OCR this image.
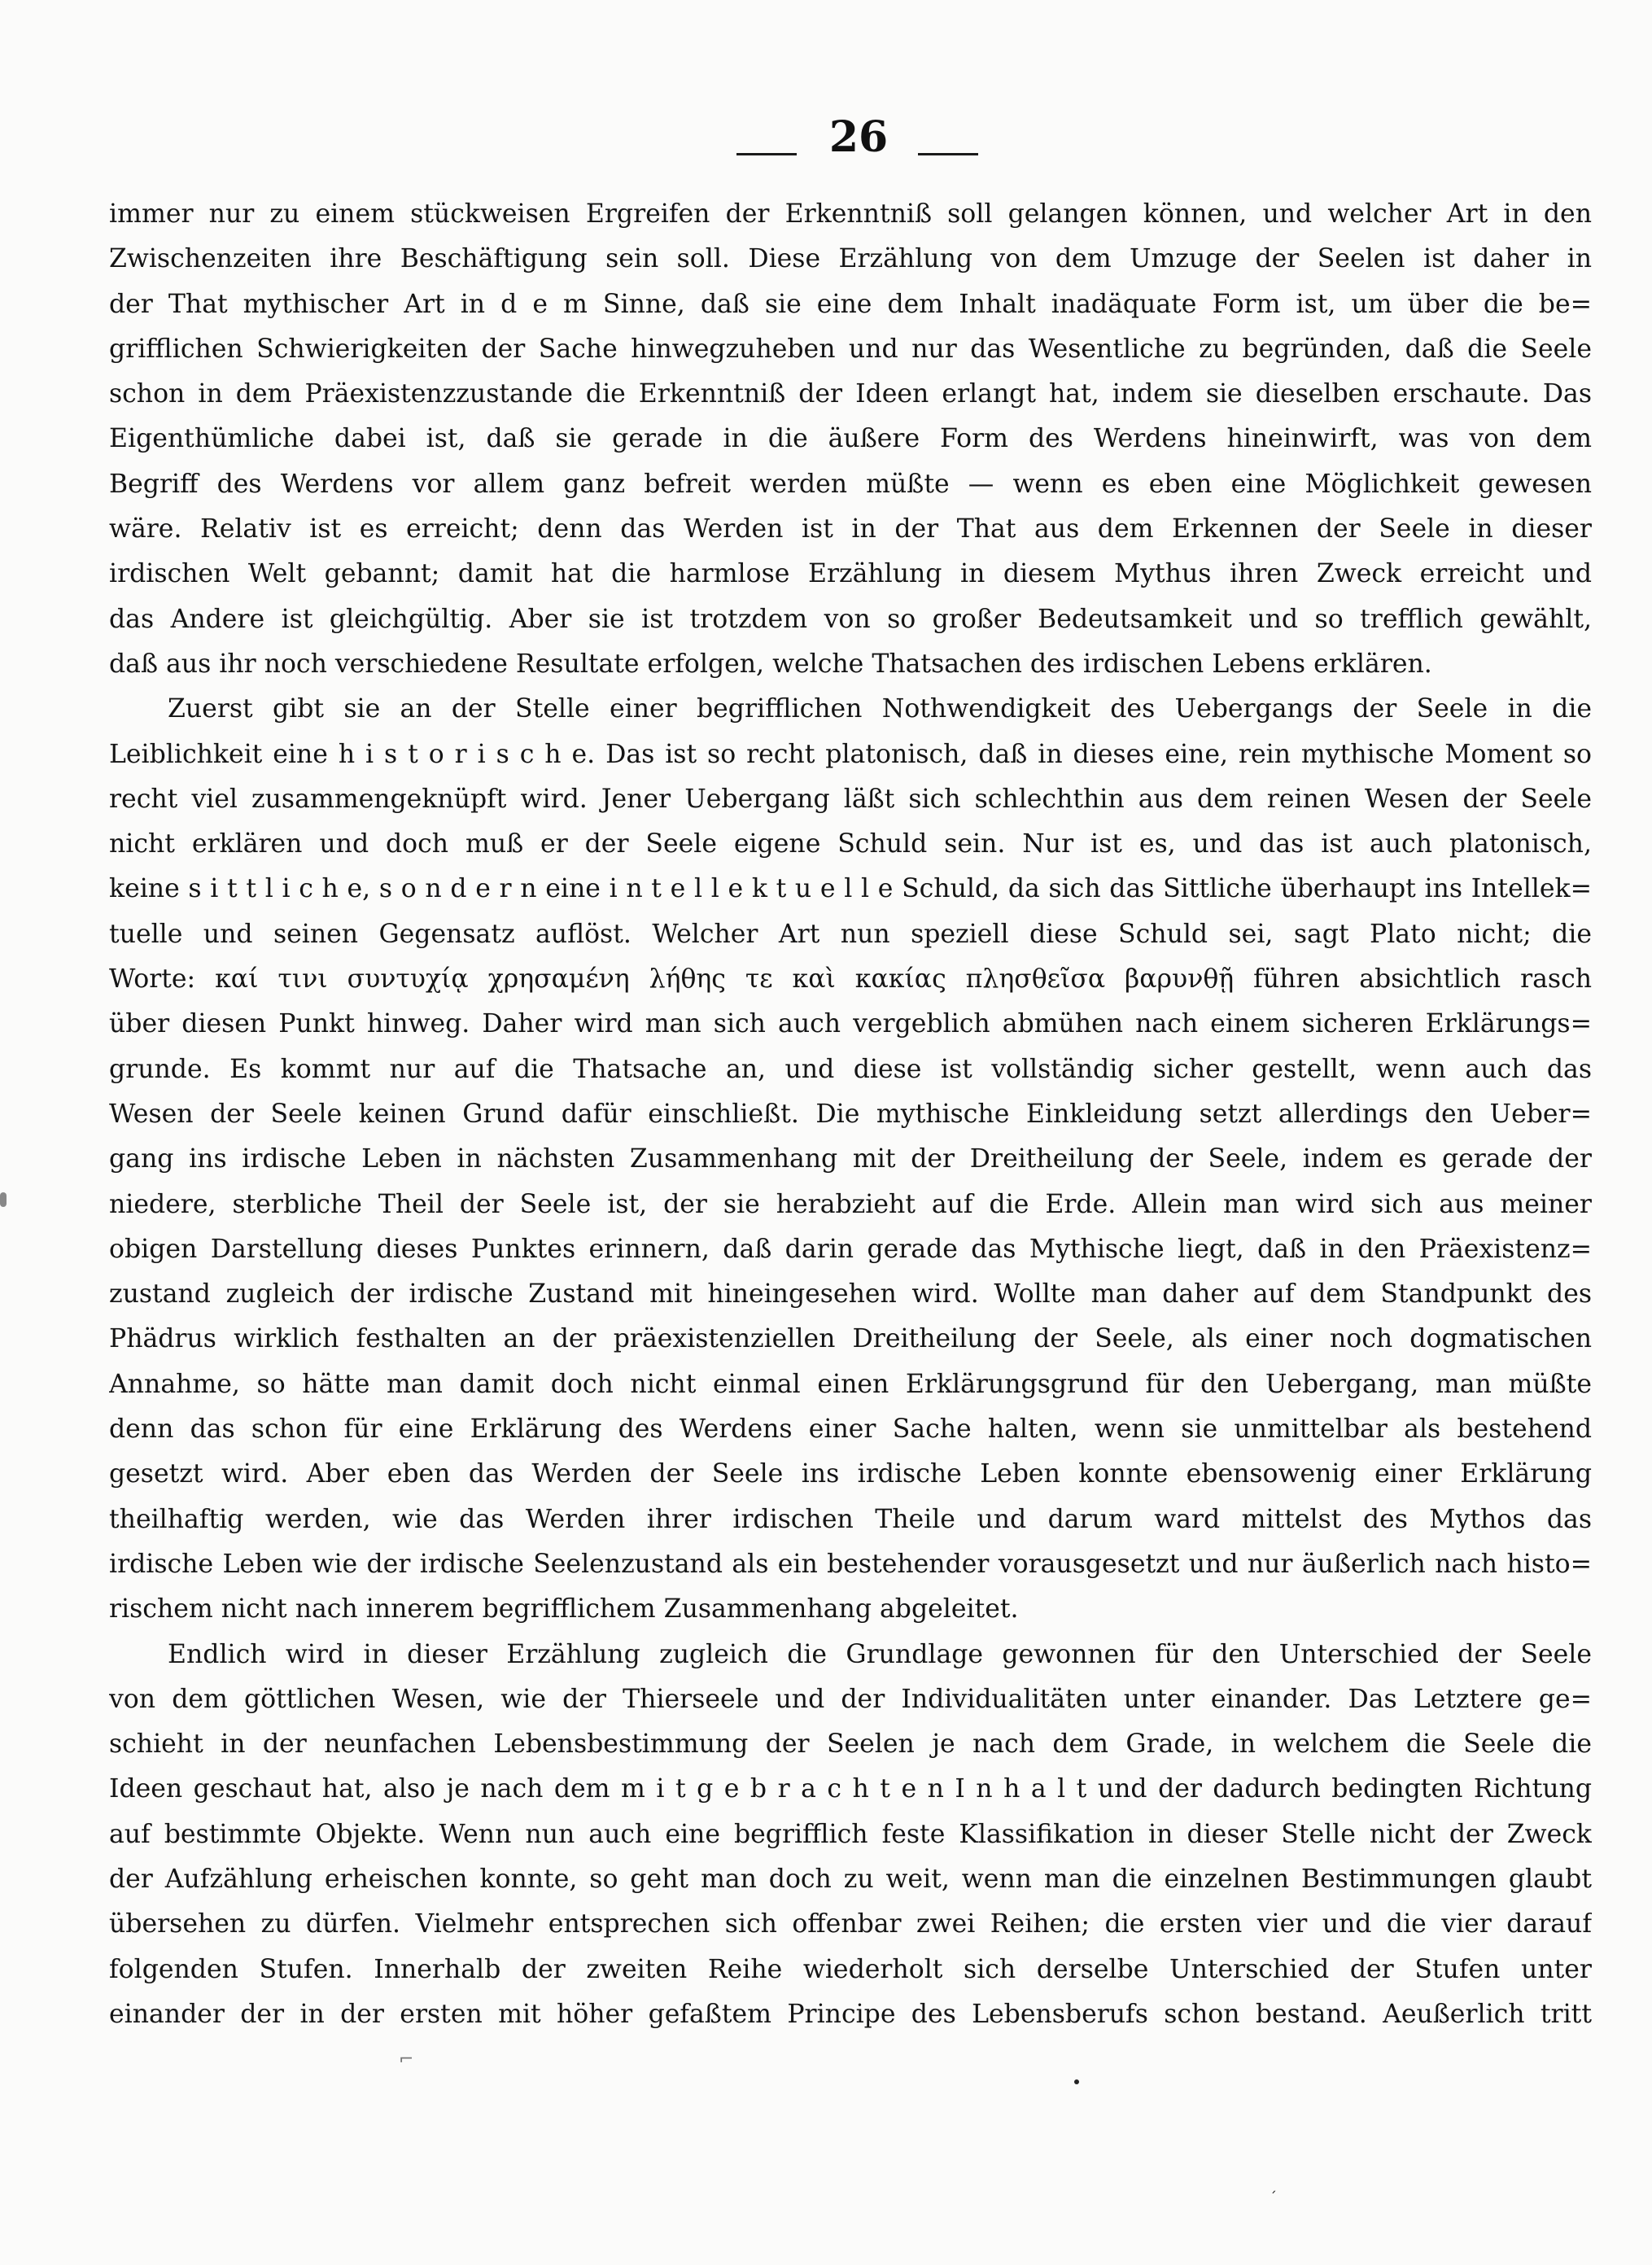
26
immer nur zu einem stückweisen Ergreifen der Erkenntniß soll gelangen können, und welcher Art in den
Zwischenzeiten ihre Beschäftigung sein soll. Diese Erzählung von dem Umzuge der Seelen ist daher in
der That mythischer Art in d e m Sinne, daß sie eine dem Inhalt inadäquate Form ist, um über die be=
grifflichen Schwierigkeiten der Sache hinwegzuheben und nur das Wesentliche zu begründen, daß die Seele
schon in dem Präexistenzzustande die Erkenntniß der Ideen erlangt hat, indem sie dieselben erschaute. Das
Eigenthümliche dabei ist, daß sie gerade in die äußere Form des Werdens hineinwirft, was von dem
Begriff des Werdens vor allem ganz befreit werden müßte — wenn es eben eine Möglichkeit gewesen
wäre. Relativ ist es erreicht; denn das Werden ist in der That aus dem Erkennen der Seele in dieser
irdischen Welt gebannt; damit hat die harmlose Erzählung in diesem Mythus ihren Zweck erreicht und
das Andere ist gleichgültig. Aber sie ist trotzdem von so großer Bedeutsamkeit und so trefflich gewählt,
daß aus ihr noch verschiedene Resultate erfolgen, welche Thatsachen des irdischen Lebens erklären.
Zuerst gibt sie an der Stelle einer begrifflichen Nothwendigkeit des Uebergangs der Seele in die
Leiblichkeit eine h i s t o r i s c h e. Das ist so recht platonisch, daß in dieses eine, rein mythische Moment so
recht viel zusammengeknüpft wird. Jener Uebergang läßt sich schlechthin aus dem reinen Wesen der Seele
nicht erklären und doch muß er der Seele eigene Schuld sein. Nur ist es, und das ist auch platonisch,
keine s i t t l i c h e, s o n d e r n eine i n t e l l e k t u e l l e Schuld, da sich das Sittliche überhaupt ins Intellek=
tuelle und seinen Gegensatz auflöst. Welcher Art nun speziell diese Schuld sei, sagt Plato nicht; die
Worte: καί τινι συντυχίᾳ χρησαμένη λήθης τε καὶ κακίας πλησθεῖσα βαρυνθῇ führen absichtlich rasch
über diesen Punkt hinweg. Daher wird man sich auch vergeblich abmühen nach einem sicheren Erklärungs=
grunde. Es kommt nur auf die Thatsache an, und diese ist vollständig sicher gestellt, wenn auch das
Wesen der Seele keinen Grund dafür einschließt. Die mythische Einkleidung setzt allerdings den Ueber=
gang ins irdische Leben in nächsten Zusammenhang mit der Dreitheilung der Seele, indem es gerade der
niedere, sterbliche Theil der Seele ist, der sie herabzieht auf die Erde. Allein man wird sich aus meiner
obigen Darstellung dieses Punktes erinnern, daß darin gerade das Mythische liegt, daß in den Präexistenz=
zustand zugleich der irdische Zustand mit hineingesehen wird. Wollte man daher auf dem Standpunkt des
Phädrus wirklich festhalten an der präexistenziellen Dreitheilung der Seele, als einer noch dogmatischen
Annahme, so hätte man damit doch nicht einmal einen Erklärungsgrund für den Uebergang, man müßte
denn das schon für eine Erklärung des Werdens einer Sache halten, wenn sie unmittelbar als bestehend
gesetzt wird. Aber eben das Werden der Seele ins irdische Leben konnte ebensowenig einer Erklärung
theilhaftig werden, wie das Werden ihrer irdischen Theile und darum ward mittelst des Mythos das
irdische Leben wie der irdische Seelenzustand als ein bestehender vorausgesetzt und nur äußerlich nach histo=
rischem nicht nach innerem begrifflichem Zusammenhang abgeleitet.
Endlich wird in dieser Erzählung zugleich die Grundlage gewonnen für den Unterschied der Seele
von dem göttlichen Wesen, wie der Thierseele und der Individualitäten unter einander. Das Letztere ge=
schieht in der neunfachen Lebensbestimmung der Seelen je nach dem Grade, in welchem die Seele die
Ideen geschaut hat, also je nach dem m i t g e b r a c h t e n I n h a l t und der dadurch bedingten Richtung
auf bestimmte Objekte. Wenn nun auch eine begrifflich feste Klassifikation in dieser Stelle nicht der Zweck
der Aufzählung erheischen konnte, so geht man doch zu weit, wenn man die einzelnen Bestimmungen glaubt
übersehen zu dürfen. Vielmehr entsprechen sich offenbar zwei Reihen; die ersten vier und die vier darauf
folgenden Stufen. Innerhalb der zweiten Reihe wiederholt sich derselbe Unterschied der Stufen unter
einander der in der ersten mit höher gefaßtem Principe des Lebensberufs schon bestand. Aeußerlich tritt
⌐
´
